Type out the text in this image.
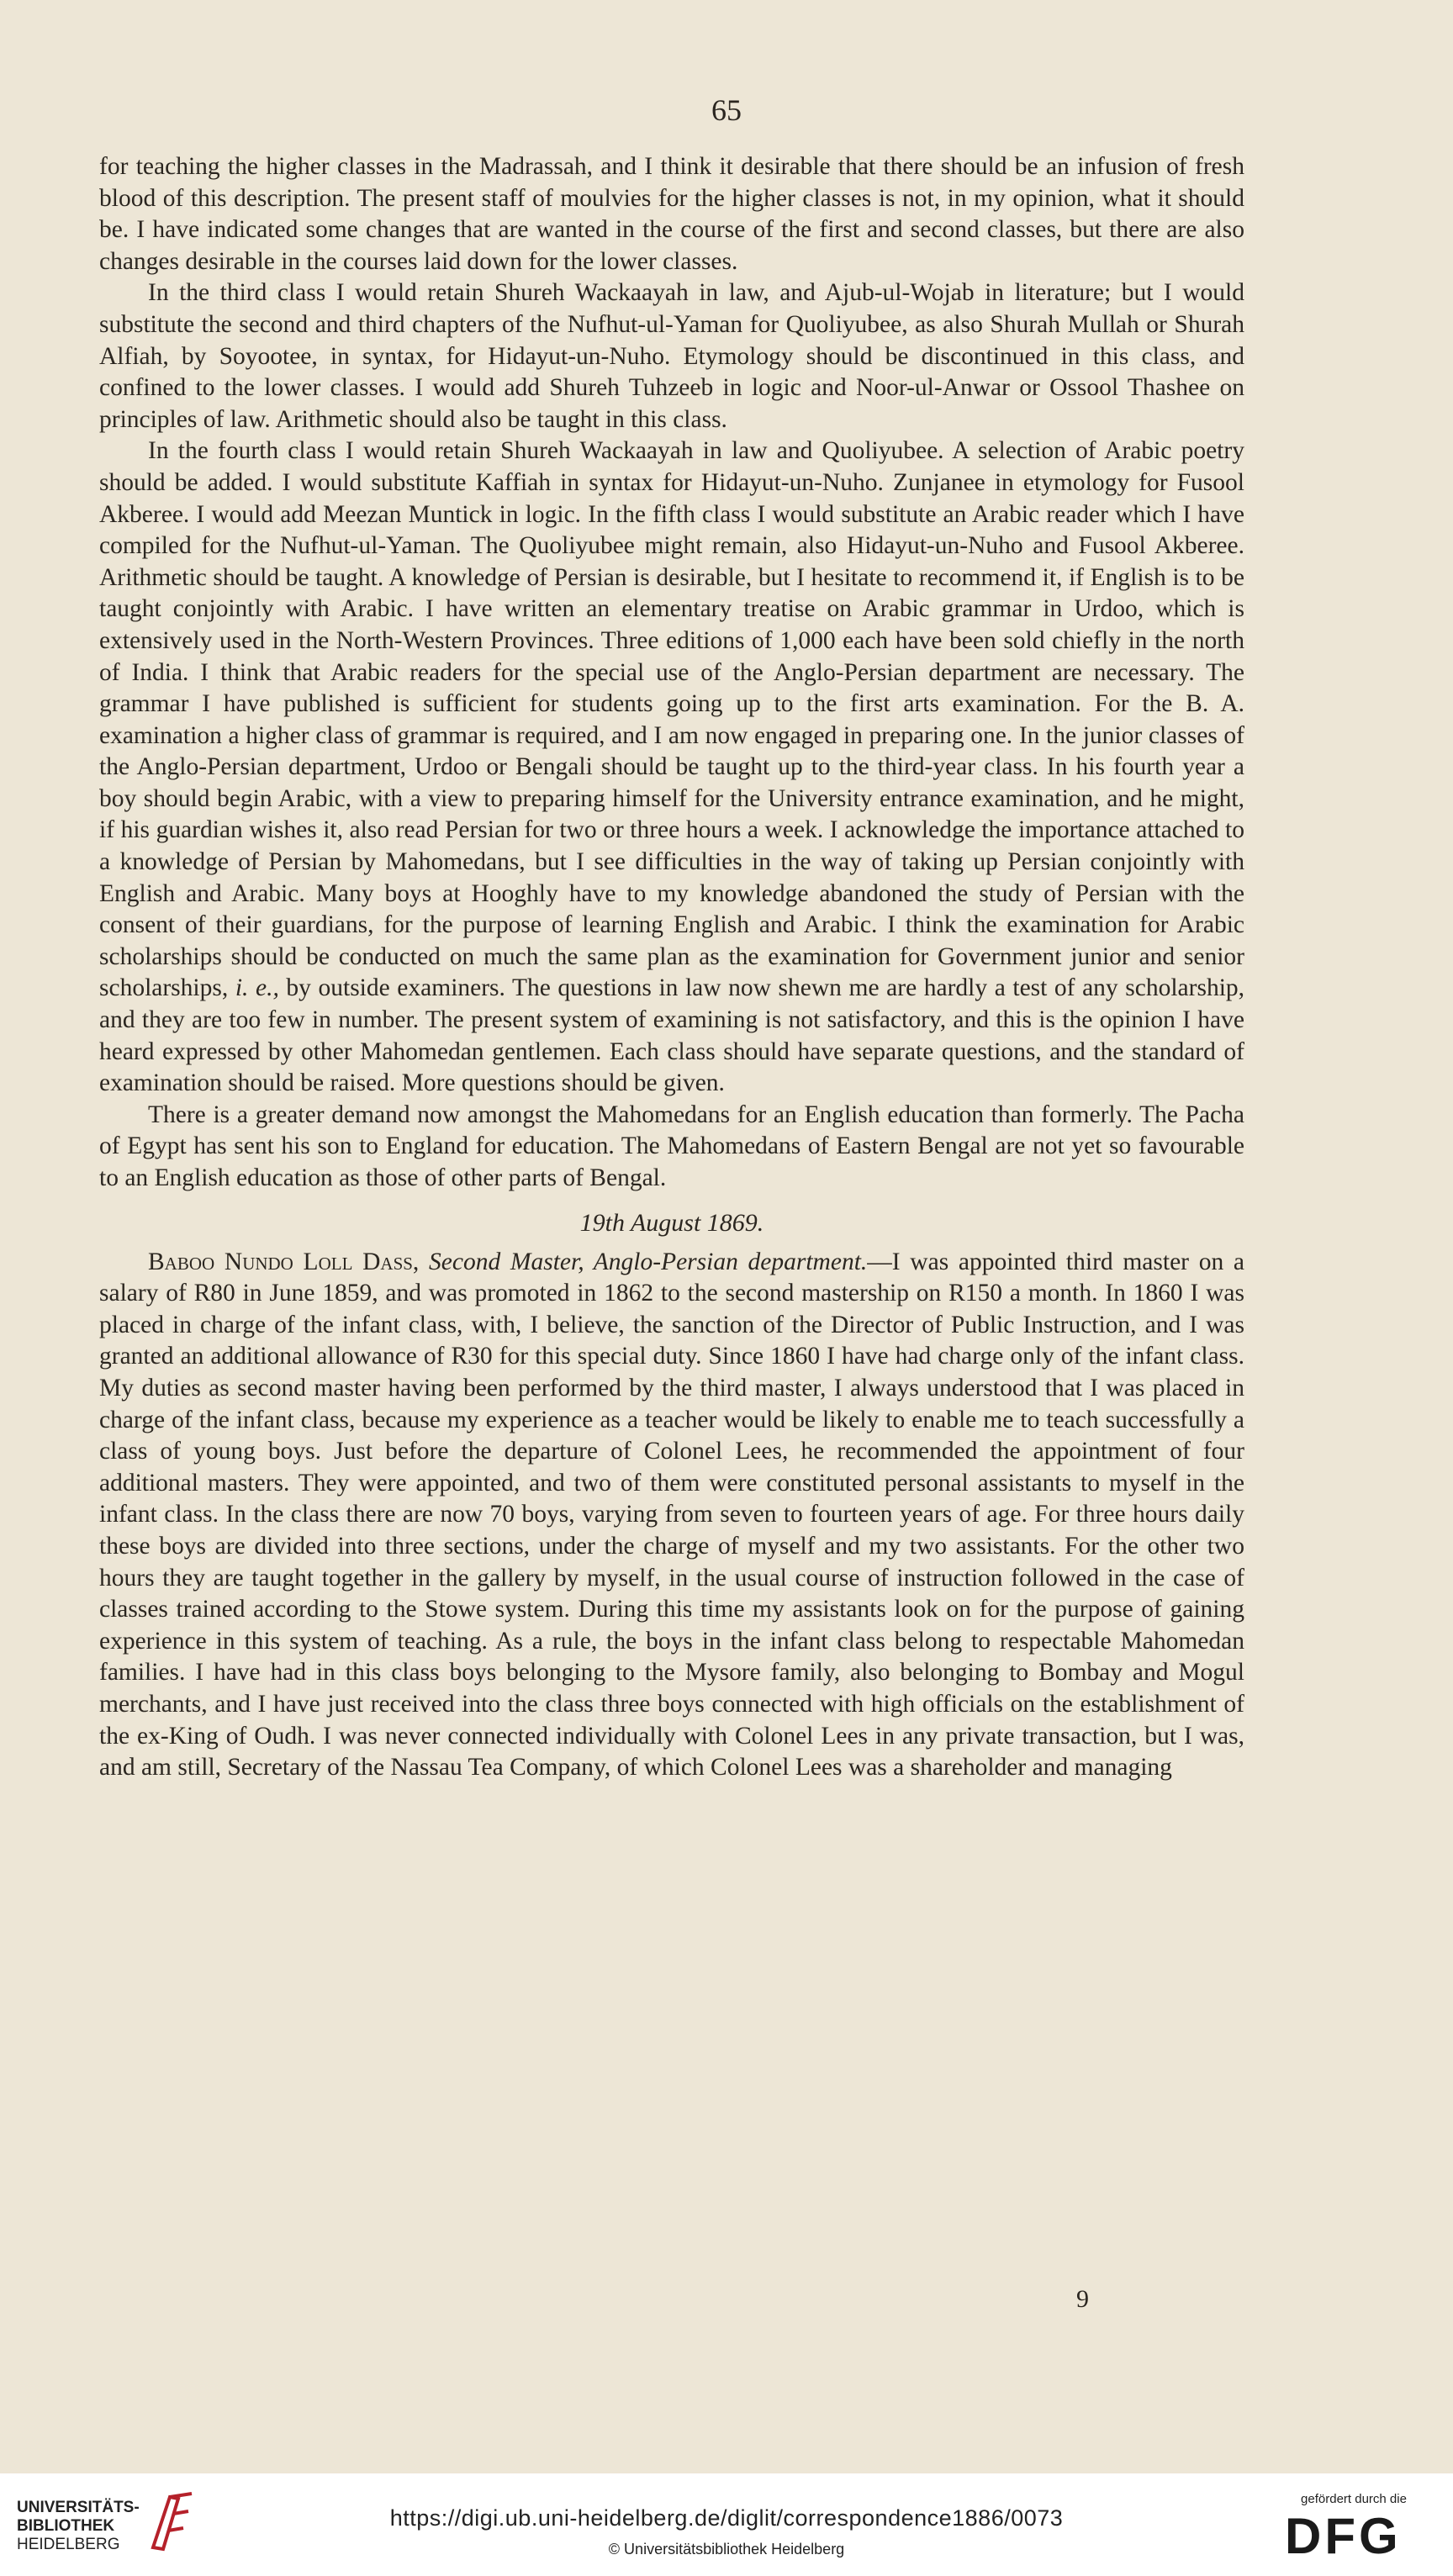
65

for teaching the higher classes in the Madrassah, and I think it desirable that there should be an infusion of fresh blood of this description. The present staff of moulvies for the higher classes is not, in my opinion, what it should be. I have indicated some changes that are wanted in the course of the first and second classes, but there are also changes desirable in the courses laid down for the lower classes.

In the third class I would retain Shureh Wackaayah in law, and Ajub-ul-Wojab in literature; but I would substitute the second and third chapters of the Nufhut-ul-Yaman for Quoliyubee, as also Shurah Mullah or Shurah Alfiah, by Soyootee, in syntax, for Hidayut-un-Nuho. Etymology should be discontinued in this class, and confined to the lower classes. I would add Shureh Tuhzeeb in logic and Noor-ul-Anwar or Ossool Thashee on principles of law. Arithmetic should also be taught in this class.

In the fourth class I would retain Shureh Wackaayah in law and Quoliyubee. A selection of Arabic poetry should be added. I would substitute Kaffiah in syntax for Hidayut-un-Nuho. Zunjanee in etymology for Fusool Akberee. I would add Meezan Muntick in logic. In the fifth class I would substitute an Arabic reader which I have compiled for the Nufhut-ul-Yaman. The Quoliyubee might remain, also Hidayut-un-Nuho and Fusool Akberee. Arithmetic should be taught. A knowledge of Persian is desirable, but I hesitate to recommend it, if English is to be taught conjointly with Arabic. I have written an elementary treatise on Arabic grammar in Urdoo, which is extensively used in the North-Western Provinces. Three editions of 1,000 each have been sold chiefly in the north of India. I think that Arabic readers for the special use of the Anglo-Persian department are necessary. The grammar I have published is sufficient for students going up to the first arts examination. For the B. A. examination a higher class of grammar is required, and I am now engaged in preparing one. In the junior classes of the Anglo-Persian department, Urdoo or Bengali should be taught up to the third-year class. In his fourth year a boy should begin Arabic, with a view to preparing himself for the University entrance examination, and he might, if his guardian wishes it, also read Persian for two or three hours a week. I acknowledge the importance attached to a knowledge of Persian by Mahomedans, but I see difficulties in the way of taking up Persian conjointly with English and Arabic. Many boys at Hooghly have to my knowledge abandoned the study of Persian with the consent of their guardians, for the purpose of learning English and Arabic. I think the examination for Arabic scholarships should be conducted on much the same plan as the examination for Government junior and senior scholarships, i. e., by outside examiners. The questions in law now shewn me are hardly a test of any scholarship, and they are too few in number. The present system of examining is not satisfactory, and this is the opinion I have heard expressed by other Mahomedan gentlemen. Each class should have separate questions, and the standard of examination should be raised. More questions should be given.

There is a greater demand now amongst the Mahomedans for an English education than formerly. The Pacha of Egypt has sent his son to England for education. The Mahomedans of Eastern Bengal are not yet so favourable to an English education as those of other parts of Bengal.

19th August 1869.

Baboo Nundo Loll Dass, Second Master, Anglo-Persian department.—I was appointed third master on a salary of R80 in June 1859, and was promoted in 1862 to the second mastership on R150 a month. In 1860 I was placed in charge of the infant class, with, I believe, the sanction of the Director of Public Instruction, and I was granted an additional allowance of R30 for this special duty. Since 1860 I have had charge only of the infant class. My duties as second master having been performed by the third master, I always understood that I was placed in charge of the infant class, because my experience as a teacher would be likely to enable me to teach successfully a class of young boys. Just before the departure of Colonel Lees, he recommended the appointment of four additional masters. They were appointed, and two of them were constituted personal assistants to myself in the infant class. In the class there are now 70 boys, varying from seven to fourteen years of age. For three hours daily these boys are divided into three sections, under the charge of myself and my two assistants. For the other two hours they are taught together in the gallery by myself, in the usual course of instruction followed in the case of classes trained according to the Stowe system. During this time my assistants look on for the purpose of gaining experience in this system of teaching. As a rule, the boys in the infant class belong to respectable Mahomedan families. I have had in this class boys belonging to the Mysore family, also belonging to Bombay and Mogul merchants, and I have just received into the class three boys connected with high officials on the establishment of the ex-King of Oudh. I was never connected individually with Colonel Lees in any private transaction, but I was, and am still, Secretary of the Nassau Tea Company, of which Colonel Lees was a shareholder and managing

9
UNIVERSITÄTS-
BIBLIOTHEK
HEIDELBERG
https://digi.ub.uni-heidelberg.de/diglit/correspondence1886/0073
© Universitätsbibliothek Heidelberg
gefördert durch die
DFG
